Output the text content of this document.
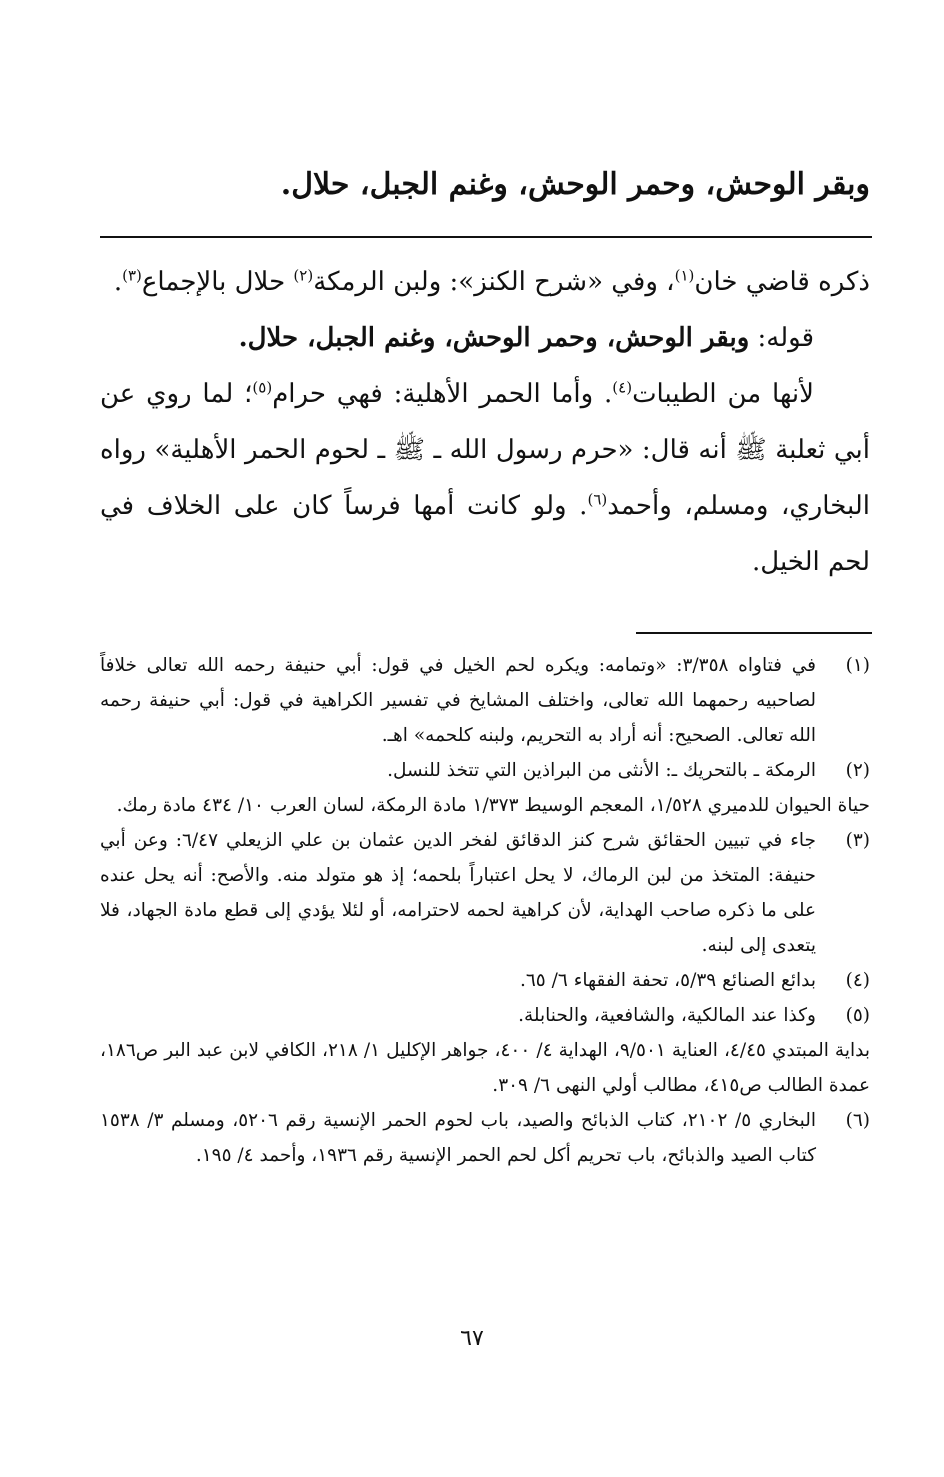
وبقر الوحش، وحمر الوحش، وغنم الجبل، حلال.

ذكره قاضي خان$^{(١)}$، وفي «شرح الكنز»: ولبن الرمكة$^{(٢)}$ حلال بالإجماع$^{(٣)}$.

قوله: وبقر الوحش، وحمر الوحش، وغنم الجبل، حلال.

لأنها من الطيبات$^{(٤)}$. وأما الحمر الأهلية: فهي حرام$^{(٥)}$؛ لما روي عن أبي ثعلبة ﷺ أنه قال: «حرم رسول الله ـ ﷺ ـ لحوم الحمر الأهلية» رواه البخاري، ومسلم، وأحمد$^{(٦)}$. ولو كانت أمها فرساً كان على الخلاف في لحم الخيل.

(١)
في فتاواه ٣/٣٥٨: «وتمامه: ويكره لحم الخيل في قول: أبي حنيفة رحمه الله تعالى خلافاً لصاحبيه رحمهما الله تعالى، واختلف المشايخ في تفسير الكراهية في قول: أبي حنيفة رحمه الله تعالى. الصحيح: أنه أراد به التحريم، ولبنه كلحمه» اهـ.
(٢)
الرمكة ـ بالتحريك ـ: الأنثى من البراذين التي تتخذ للنسل.
حياة الحيوان للدميري ١/٥٢٨، المعجم الوسيط ١/٣٧٣ مادة الرمكة، لسان العرب ١٠/ ٤٣٤ مادة رمك.
(٣)
جاء في تبيين الحقائق شرح كنز الدقائق لفخر الدين عثمان بن علي الزيعلي ٦/٤٧: وعن أبي حنيفة: المتخذ من لبن الرماك، لا يحل اعتباراً بلحمه؛ إذ هو متولد منه. والأصح: أنه يحل عنده على ما ذكره صاحب الهداية، لأن كراهية لحمه لاحترامه، أو لئلا يؤدي إلى قطع مادة الجهاد، فلا يتعدى إلى لبنه.
(٤)
بدائع الصنائع ٥/٣٩، تحفة الفقهاء ٦/ ٦٥.
(٥)
وكذا عند المالكية، والشافعية، والحنابلة.
بداية المبتدي ٤/٤٥، العناية ٩/٥٠١، الهداية ٤/ ٤٠٠، جواهر الإكليل ١/ ٢١٨، الكافي لابن عبد البر ص١٨٦، عمدة الطالب ص٤١٥، مطالب أولي النهى ٦/ ٣٠٩.
(٦)
البخاري ٥/ ٢١٠٢، كتاب الذبائح والصيد، باب لحوم الحمر الإنسية رقم ٥٢٠٦، ومسلم ٣/ ١٥٣٨ كتاب الصيد والذبائح، باب تحريم أكل لحم الحمر الإنسية رقم ١٩٣٦، وأحمد ٤/ ١٩٥.
٦٧
